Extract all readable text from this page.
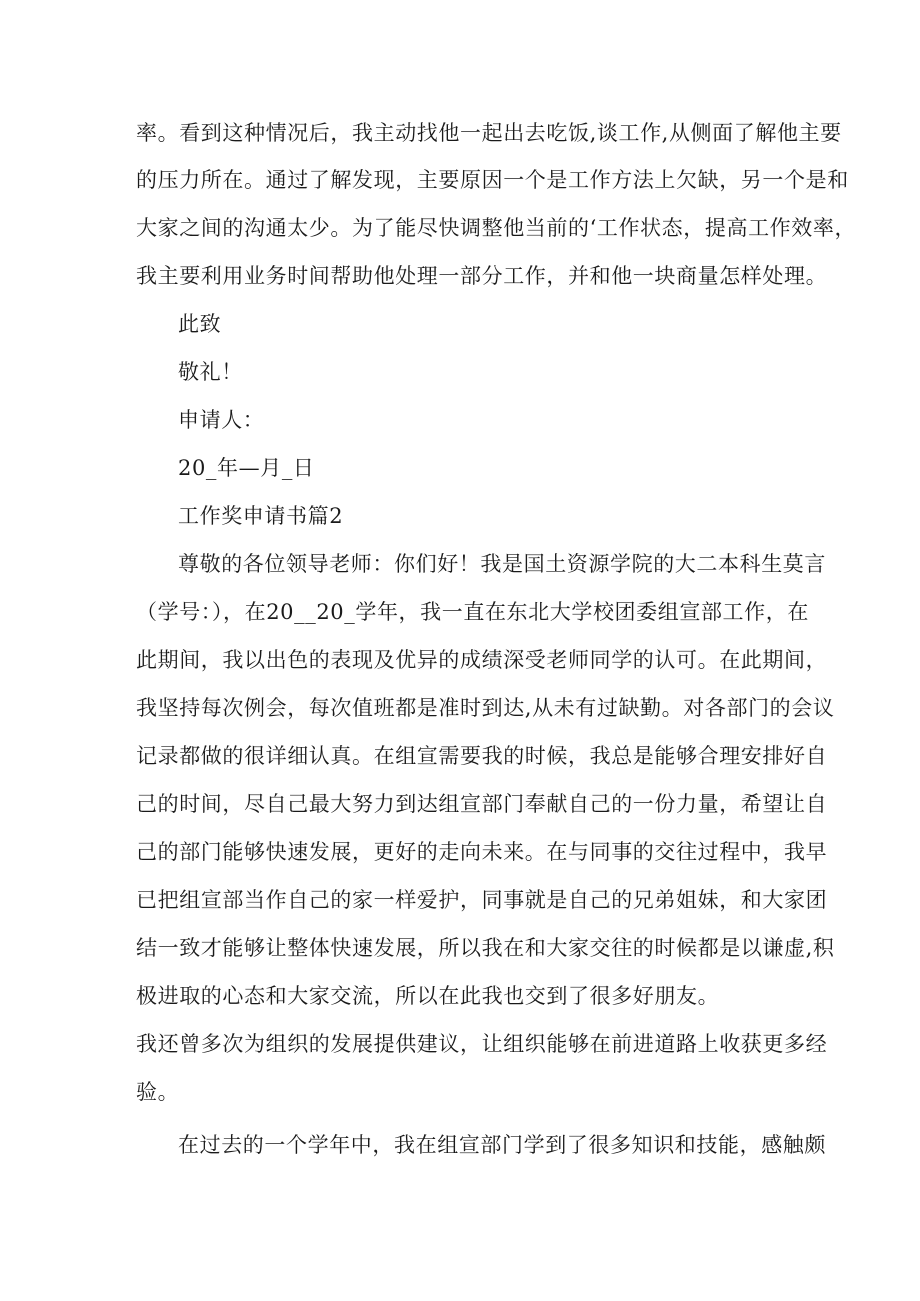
率。看到这种情况后，我主动找他一起出去吃饭,谈工作,从侧面了解他主要
的压力所在。通过了解发现，主要原因一个是工作方法上欠缺，另一个是和
大家之间的沟通太少。为了能尽快调整他当前的‘工作状态，提高工作效率，
我主要利用业务时间帮助他处理一部分工作，并和他一块商量怎样处理。
此致
敬礼！
申请人：
20_年—月_日
工作奖申请书篇2
尊敬的各位领导老师：你们好！我是国土资源学院的大二本科生莫言
（学号：），在20__20_学年，我一直在东北大学校团委组宣部工作，在
此期间，我以出色的表现及优异的成绩深受老师同学的认可。在此期间，
我坚持每次例会，每次值班都是准时到达,从未有过缺勤。对各部门的会议
记录都做的很详细认真。在组宣需要我的时候，我总是能够合理安排好自
己的时间，尽自己最大努力到达组宣部门奉献自己的一份力量，希望让自
己的部门能够快速发展，更好的走向未来。在与同事的交往过程中，我早
已把组宣部当作自己的家一样爱护，同事就是自己的兄弟姐妹，和大家团
结一致才能够让整体快速发展，所以我在和大家交往的时候都是以谦虚,积
极进取的心态和大家交流，所以在此我也交到了很多好朋友。
我还曾多次为组织的发展提供建议，让组织能够在前进道路上收获更多经
验。
在过去的一个学年中，我在组宣部门学到了很多知识和技能，感触颇
